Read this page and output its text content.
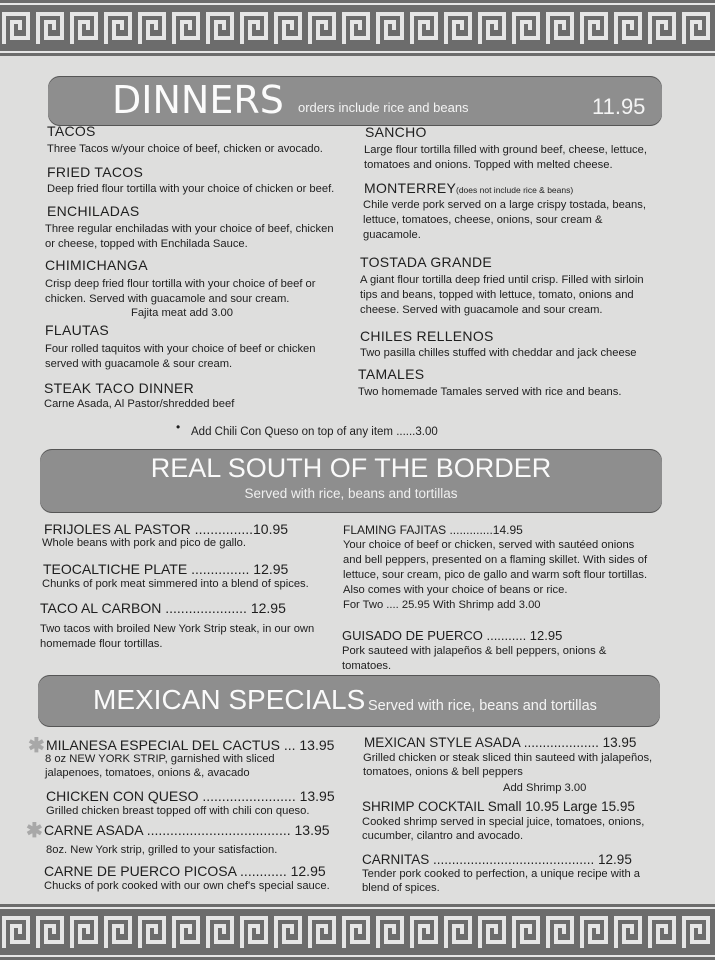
DINNERS orders include rice and beans	11.95
TACOS
Three Tacos w/your choice of beef, chicken or avocado.
FRIED TACOS
Deep fried flour tortilla with your choice of chicken or beef.
ENCHILADAS
Three regular enchiladas with your choice of beef, chicken or cheese, topped with Enchilada Sauce.
CHIMICHANGA
Crisp deep fried flour tortilla with your choice of beef or chicken. Served with guacamole and sour cream.
Fajita meat add 3.00
FLAUTAS
Four rolled taquitos with your choice of beef or chicken served with guacamole & sour cream.
STEAK TACO DINNER
Carne Asada, Al Pastor/shredded beef
SANCHO
Large flour tortilla filled with ground beef, cheese, lettuce, tomatoes and onions. Topped with melted cheese.
MONTERREY (does not include rice & beans)
Chile verde pork served on a large crispy tostada, beans, lettuce, tomatoes, cheese, onions, sour cream & guacamole.
TOSTADA GRANDE
A giant flour tortilla deep fried until crisp. Filled with sirloin tips and beans, topped with lettuce, tomato, onions and cheese. Served with guacamole and sour cream.
CHILES RELLENOS
Two pasilla chilles stuffed with cheddar and jack cheese
TAMALES
Two homemade Tamales served with rice and beans.
• Add Chili Con Queso on top of any item ......3.00
REAL SOUTH OF THE BORDER
Served with rice, beans and tortillas
FRIJOLES AL PASTOR ...............10.95
Whole beans with pork and pico de gallo.
TEOCALTICHE PLATE ............... 12.95
Chunks of pork meat simmered into a blend of spices.
TACO AL CARBON ..................... 12.95
Two tacos with broiled New York Strip steak, in our own homemade flour tortillas.
FLAMING FAJITAS .............14.95
Your choice of beef or chicken, served with sautéed onions and bell peppers, presented on a flaming skillet. With sides of lettuce, sour cream, pico de gallo and warm soft flour tortillas. Also comes with your choice of beans or rice.
For Two .... 25.95 With Shrimp add 3.00
GUISADO DE PUERCO ........... 12.95
Pork sauteed with jalapeños & bell peppers, onions & tomatoes.
MEXICAN SPECIALS Served with rice, beans and tortillas
✱ MILANESA ESPECIAL DEL CACTUS ... 13.95
8 oz NEW YORK STRIP, garnished with sliced jalapenoes, tomatoes, onions &, avacado
CHICKEN CON QUESO ........................ 13.95
Grilled chicken breast topped off with chili con queso.
✱ CARNE ASADA ..................................... 13.95
8oz. New York strip, grilled to your satisfaction.
CARNE DE PUERCO PICOSA ............ 12.95
Chucks of pork cooked with our own chef's special sauce.
MEXICAN STYLE ASADA .................... 13.95
Grilled chicken or steak sliced thin sauteed with jalapeños, tomatoes, onions & bell peppers
Add Shrimp 3.00
SHRIMP COCKTAIL Small 10.95 Large 15.95
Cooked shrimp served in special juice, tomatoes, onions, cucumber, cilantro and avocado.
CARNITAS ........................................... 12.95
Tender pork cooked to perfection, a unique recipe with a blend of spices.
